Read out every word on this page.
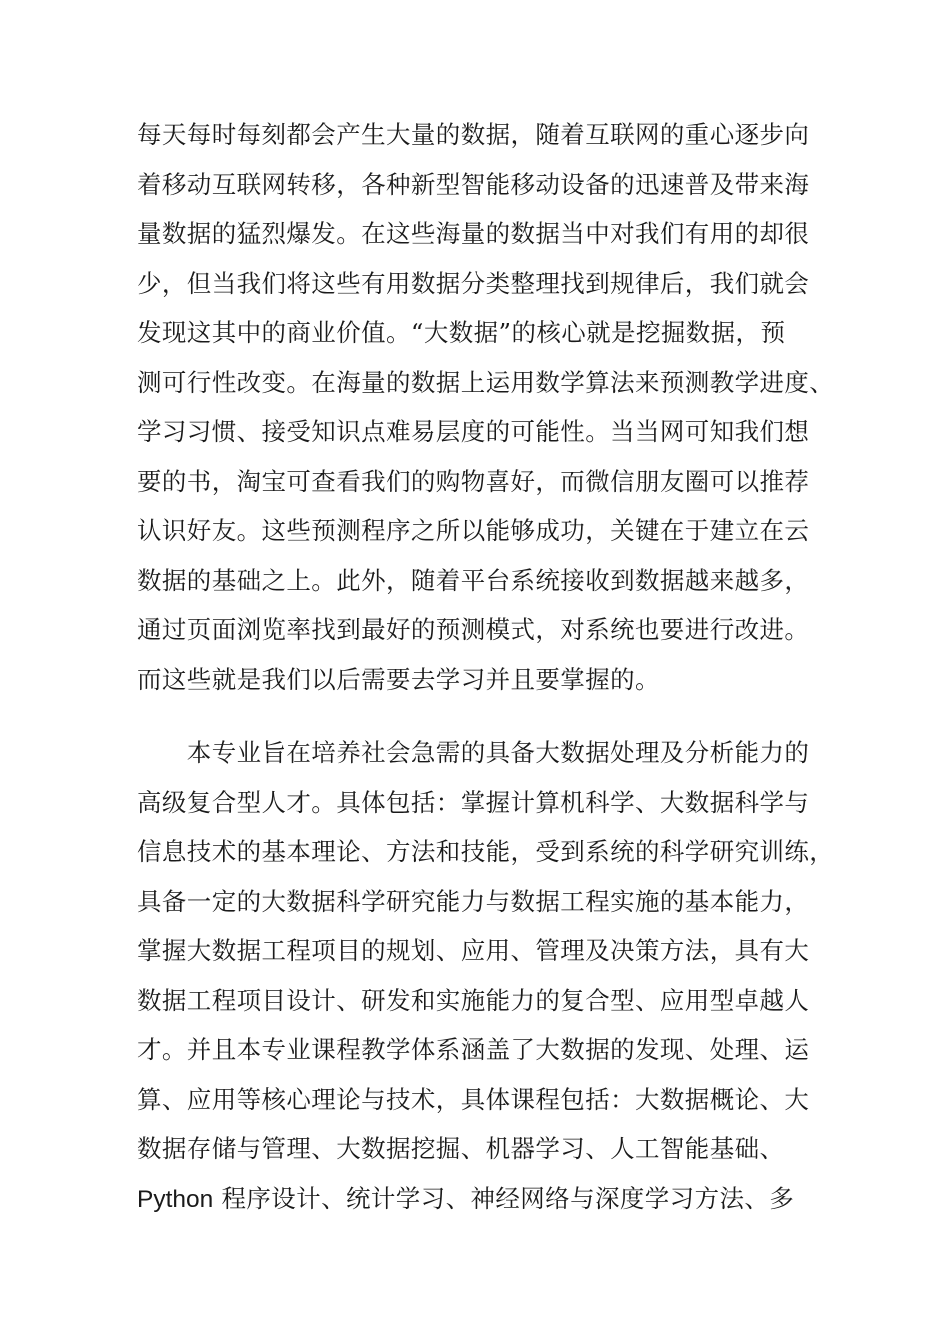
每天每时每刻都会产生大量的数据，随着互联网的重心逐步向
着移动互联网转移，各种新型智能移动设备的迅速普及带来海
量数据的猛烈爆发。在这些海量的数据当中对我们有用的却很
少，但当我们将这些有用数据分类整理找到规律后，我们就会
发现这其中的商业价值。“大数据”的核心就是挖掘数据，预
测可行性改变。在海量的数据上运用数学算法来预测教学进度、
学习习惯、接受知识点难易层度的可能性。当当网可知我们想
要的书，淘宝可查看我们的购物喜好，而微信朋友圈可以推荐
认识好友。这些预测程序之所以能够成功，关键在于建立在云
数据的基础之上。此外，随着平台系统接收到数据越来越多，
通过页面浏览率找到最好的预测模式，对系统也要进行改进。
而这些就是我们以后需要去学习并且要掌握的。
　　本专业旨在培养社会急需的具备大数据处理及分析能力的
高级复合型人才。具体包括：掌握计算机科学、大数据科学与
信息技术的基本理论、方法和技能，受到系统的科学研究训练，
具备一定的大数据科学研究能力与数据工程实施的基本能力，
掌握大数据工程项目的规划、应用、管理及决策方法，具有大
数据工程项目设计、研发和实施能力的复合型、应用型卓越人
才。并且本专业课程教学体系涵盖了大数据的发现、处理、运
算、应用等核心理论与技术，具体课程包括：大数据概论、大
数据存储与管理、大数据挖掘、机器学习、人工智能基础、
Python 程序设计、统计学习、神经网络与深度学习方法、多
